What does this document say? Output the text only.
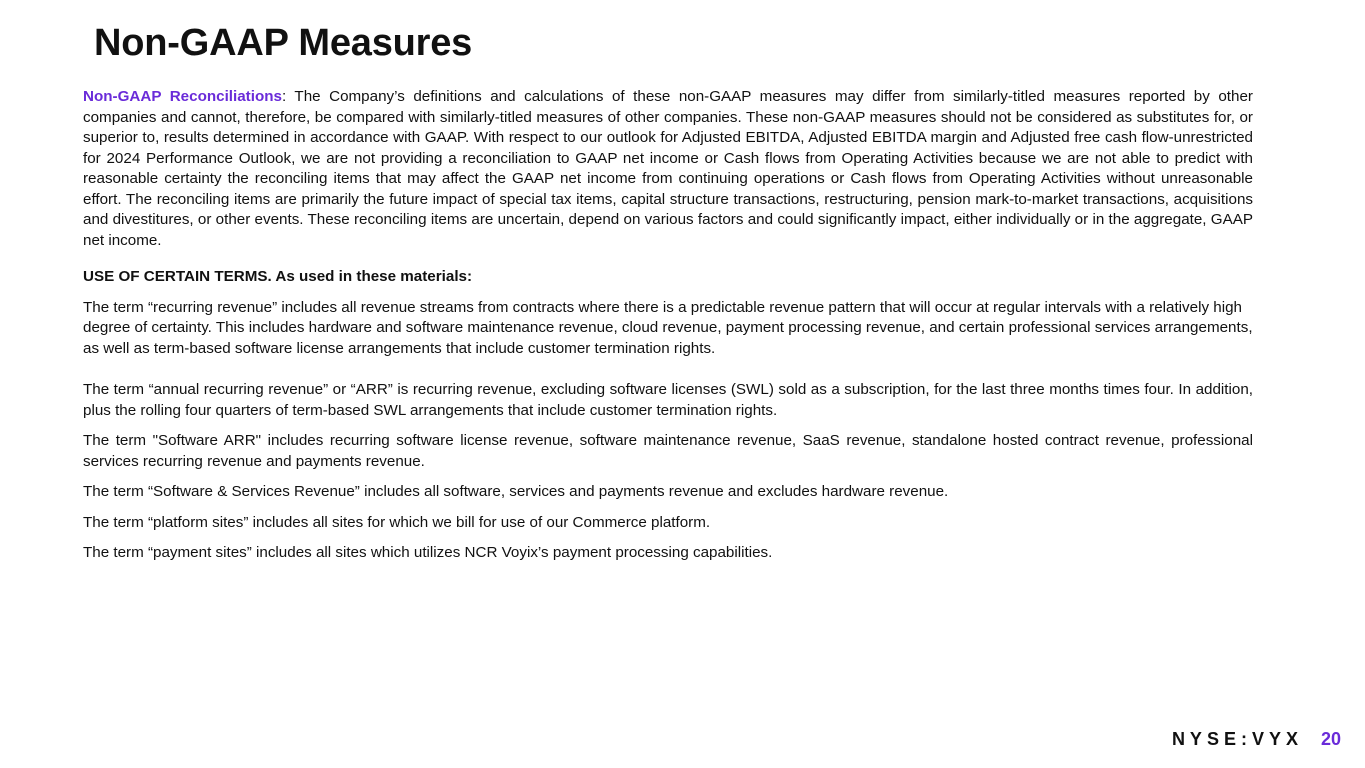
Non-GAAP Measures

Non-GAAP Reconciliations: The Company’s definitions and calculations of these non-GAAP measures may differ from similarly-titled measures reported by other companies and cannot, therefore, be compared with similarly-titled measures of other companies. These non-GAAP measures should not be considered as substitutes for, or superior to, results determined in accordance with GAAP. With respect to our outlook for Adjusted EBITDA, Adjusted EBITDA margin and Adjusted free cash flow-unrestricted for 2024 Performance Outlook, we are not providing a reconciliation to GAAP net income or Cash flows from Operating Activities because we are not able to predict with reasonable certainty the reconciling items that may affect the GAAP net income from continuing operations or Cash flows from Operating Activities without unreasonable effort. The reconciling items are primarily the future impact of special tax items, capital structure transactions, restructuring, pension mark-to-market transactions, acquisitions and divestitures, or other events. These reconciling items are uncertain, depend on various factors and could significantly impact, either individually or in the aggregate, GAAP net income.

USE OF CERTAIN TERMS. As used in these materials:

The term “recurring revenue” includes all revenue streams from contracts where there is a predictable revenue pattern that will occur at regular intervals with a relatively high degree of certainty. This includes hardware and software maintenance revenue, cloud revenue, payment processing revenue, and certain professional services arrangements, as well as term-based software license arrangements that include customer termination rights.

The term “annual recurring revenue” or “ARR” is recurring revenue, excluding software licenses (SWL) sold as a subscription, for the last three months times four. In addition, plus the rolling four quarters of term-based SWL arrangements that include customer termination rights.

The term "Software ARR" includes recurring software license revenue, software maintenance revenue, SaaS revenue, standalone hosted contract revenue, professional services recurring revenue and payments revenue.

The term “Software & Services Revenue” includes all software, services and payments revenue and excludes hardware revenue.

The term “platform sites” includes all sites for which we bill for use of our Commerce platform.

The term “payment sites” includes all sites which utilizes NCR Voyix’s payment processing capabilities.

NYSE:VYX 20
